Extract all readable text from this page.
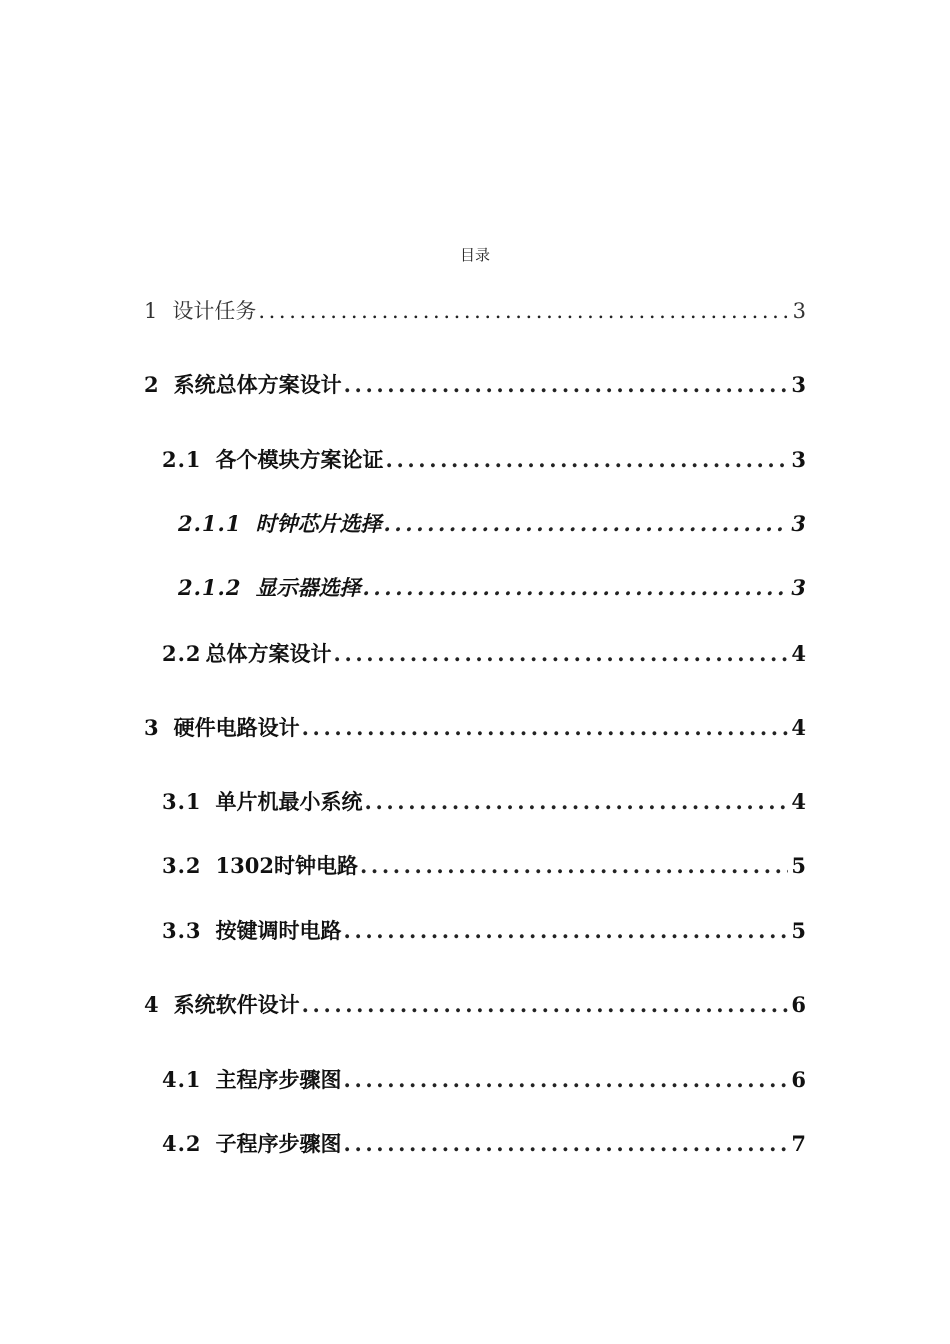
目录
1 设计任务 .....	3
2 系统总体方案设计 .....	3
2.1 各个模块方案论证 .....	3
2.1.1 时钟芯片选择 .....	3
2.1.2 显示器选择 .....	3
2.2 总体方案设计 .....	4
3 硬件电路设计 .....	4
3.1 单片机最小系统 .....	4
3.2 1302时钟电路 .....	5
3.3 按键调时电路 .....	5
4 系统软件设计 .....	6
4.1 主程序步骤图 .....	6
4.2 子程序步骤图 .....	7
